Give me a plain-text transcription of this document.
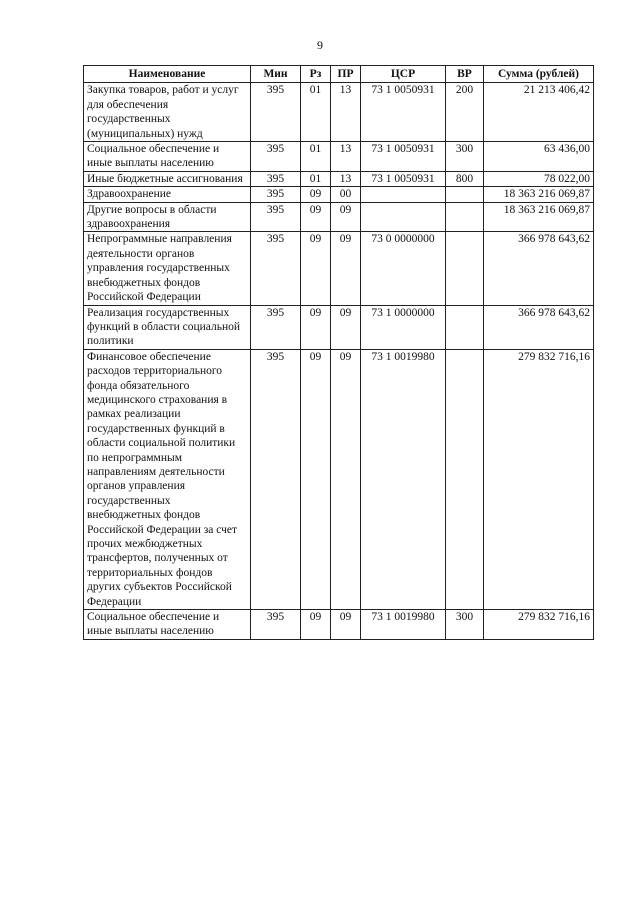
9
Наименование	Мин	Рз	ПР	ЦСР	ВР	Сумма (рублей)
Закупка товаров, работ и услуг для обеспечения государственных (муниципальных) нужд	395	01	13	73 1 0050931	200	21 213 406,42
Социальное обеспечение и иные выплаты населению	395	01	13	73 1 0050931	300	63 436,00
Иные бюджетные ассигнования	395	01	13	73 1 0050931	800	78 022,00
Здравоохранение	395	09	00			18 363 216 069,87
Другие вопросы в области здравоохранения	395	09	09			18 363 216 069,87
Непрограммные направления деятельности органов управления государственных внебюджетных фондов Российской Федерации	395	09	09	73 0 0000000		366 978 643,62
Реализация государственных функций в области социальной политики	395	09	09	73 1 0000000		366 978 643,62
Финансовое обеспечение расходов территориального фонда обязательного медицинского страхования в рамках реализации государственных функций в области социальной политики по непрограммным направлениям деятельности органов управления государственных внебюджетных фондов Российской Федерации за счет прочих межбюджетных трансфертов, полученных от территориальных фондов других субъектов Российской Федерации	395	09	09	73 1 0019980		279 832 716,16
Социальное обеспечение и иные выплаты населению	395	09	09	73 1 0019980	300	279 832 716,16
